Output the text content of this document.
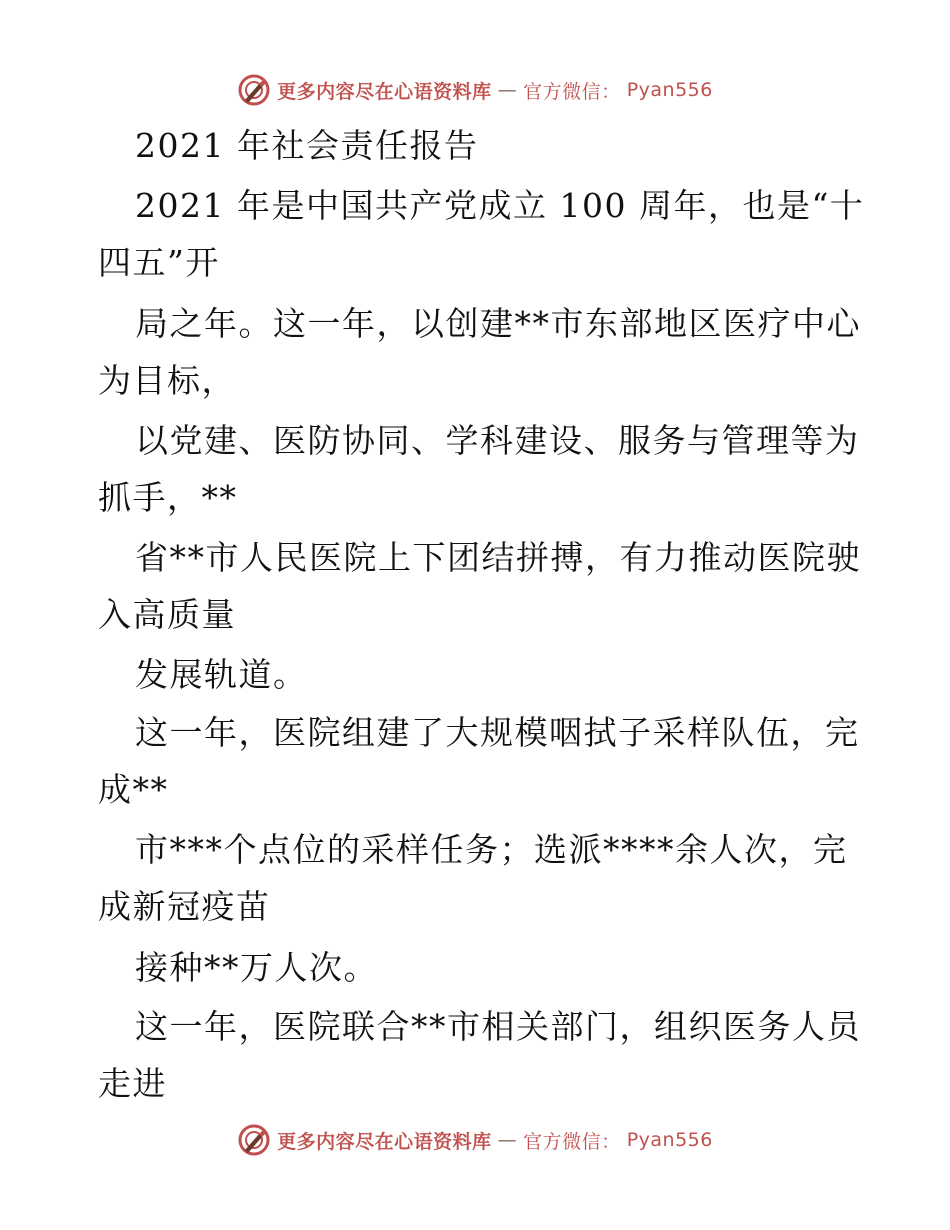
更多内容尽在心语资料库 — 官方微信： Pyan556
2021 年社会责任报告
2021 年是中国共产党成立 100 周年，也是“十
四五”开
局之年。这一年，以创建**市东部地区医疗中心
为目标，
以党建、医防协同、学科建设、服务与管理等为
抓手，**
省**市人民医院上下团结拼搏，有力推动医院驶
入高质量
发展轨道。
这一年，医院组建了大规模咽拭子采样队伍，完
成**
市***个点位的采样任务；选派****余人次，完
成新冠疫苗
接种**万人次。
这一年，医院联合**市相关部门，组织医务人员
走进
更多内容尽在心语资料库 — 官方微信： Pyan556
